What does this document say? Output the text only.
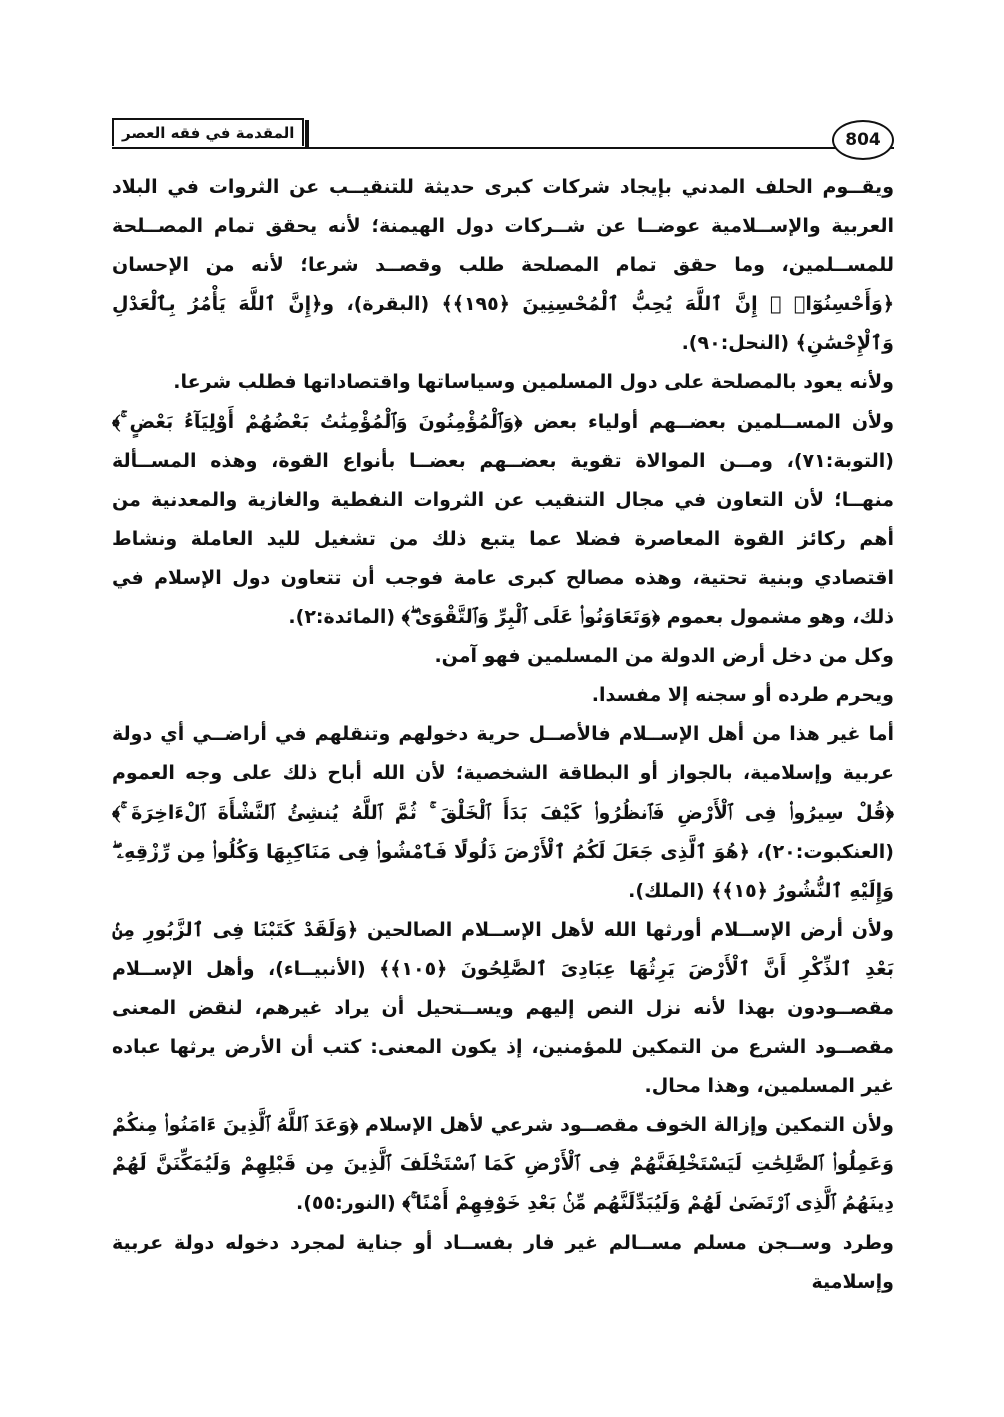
المقدمة في فقه العصر	804

ويقــوم الحلف المدني بإيجاد شركات كبرى حديثة للتنقيــب عن الثروات في البلاد العربية والإســلامية عوضــا عن شــركات دول الهيمنة؛ لأنه يحقق تمام المصــلحة للمســلمين، وما حقق تمام المصلحة طلب وقصــد شرعا؛ لأنه من الإحسان ﴿وَأَحْسِنُوٓا۟ ۛ إِنَّ ٱللَّهَ يُحِبُّ ٱلْمُحْسِنِينَ ﴿١٩٥﴾﴾ (البقرة)، و﴿إِنَّ ٱللَّهَ يَأْمُرُ بِٱلْعَدْلِ وَٱلْإِحْسَٰنِ﴾ (النحل:٩٠).

ولأنه يعود بالمصلحة على دول المسلمين وسياساتها واقتصاداتها فطلب شرعا.

ولأن المســلمين بعضــهم أولياء بعض ﴿وَٱلْمُؤْمِنُونَ وَٱلْمُؤْمِنَٰتُ بَعْضُهُمْ أَوْلِيَآءُ بَعْضٍ ۚ﴾ (التوبة:٧١)، ومــن الموالاة تقوية بعضــهم بعضــا بأنواع القوة، وهذه المســألة منهــا؛ لأن التعاون في مجال التنقيب عن الثروات النفطية والغازية والمعدنية من أهم ركائز القوة المعاصرة فضلا عما يتبع ذلك من تشغيل لليد العاملة ونشاط اقتصادي وبنية تحتية، وهذه مصالح كبرى عامة فوجب أن تتعاون دول الإسلام في ذلك، وهو مشمول بعموم ﴿وَتَعَاوَنُوا۟ عَلَى ٱلْبِرِّ وَٱلتَّقْوَىٰ ۖ﴾ (المائدة:٢).

وكل من دخل أرض الدولة من المسلمين فهو آمن.

ويحرم طرده أو سجنه إلا مفسدا.

أما غير هذا من أهل الإســلام فالأصــل حرية دخولهم وتنقلهم في أراضــي أي دولة عربية وإسلامية، بالجواز أو البطاقة الشخصية؛ لأن الله أباح ذلك على وجه العموم ﴿قُلْ سِيرُوا۟ فِى ٱلْأَرْضِ فَٱنظُرُوا۟ كَيْفَ بَدَأَ ٱلْخَلْقَ ۚ ثُمَّ ٱللَّهُ يُنشِئُ ٱلنَّشْأَةَ ٱلْءَاخِرَةَ ۚ﴾ (العنكبوت:٢٠)، ﴿هُوَ ٱلَّذِى جَعَلَ لَكُمُ ٱلْأَرْضَ ذَلُولًا فَٱمْشُوا۟ فِى مَنَاكِبِهَا وَكُلُوا۟ مِن رِّزْقِهِۦ ۖ وَإِلَيْهِ ٱلنُّشُورُ ﴿١٥﴾﴾ (الملك).

ولأن أرض الإســلام أورثها الله لأهل الإســلام الصالحين ﴿وَلَقَدْ كَتَبْنَا فِى ٱلزَّبُورِ مِنۢ بَعْدِ ٱلذِّكْرِ أَنَّ ٱلْأَرْضَ يَرِثُهَا عِبَادِىَ ٱلصَّٰلِحُونَ ﴿١٠٥﴾﴾ (الأنبيــاء)، وأهل الإســلام مقصــودون بهذا لأنه نزل النص إليهم ويســتحيل أن يراد غيرهم، لنقض المعنى مقصــود الشرع من التمكين للمؤمنين، إذ يكون المعنى: كتب أن الأرض يرثها عباده غير المسلمين، وهذا محال.

ولأن التمكين وإزالة الخوف مقصــود شرعي لأهل الإسلام ﴿وَعَدَ ٱللَّهُ ٱلَّذِينَ ءَامَنُوا۟ مِنكُمْ وَعَمِلُوا۟ ٱلصَّٰلِحَٰتِ لَيَسْتَخْلِفَنَّهُمْ فِى ٱلْأَرْضِ كَمَا ٱسْتَخْلَفَ ٱلَّذِينَ مِن قَبْلِهِمْ وَلَيُمَكِّنَنَّ لَهُمْ دِينَهُمُ ٱلَّذِى ٱرْتَضَىٰ لَهُمْ وَلَيُبَدِّلَنَّهُم مِّنۢ بَعْدِ خَوْفِهِمْ أَمْنًا ۚ﴾ (النور:٥٥).

وطرد وســجن مسلم مســالم غير فار بفســاد أو جناية لمجرد دخوله دولة عربية وإسلامية
